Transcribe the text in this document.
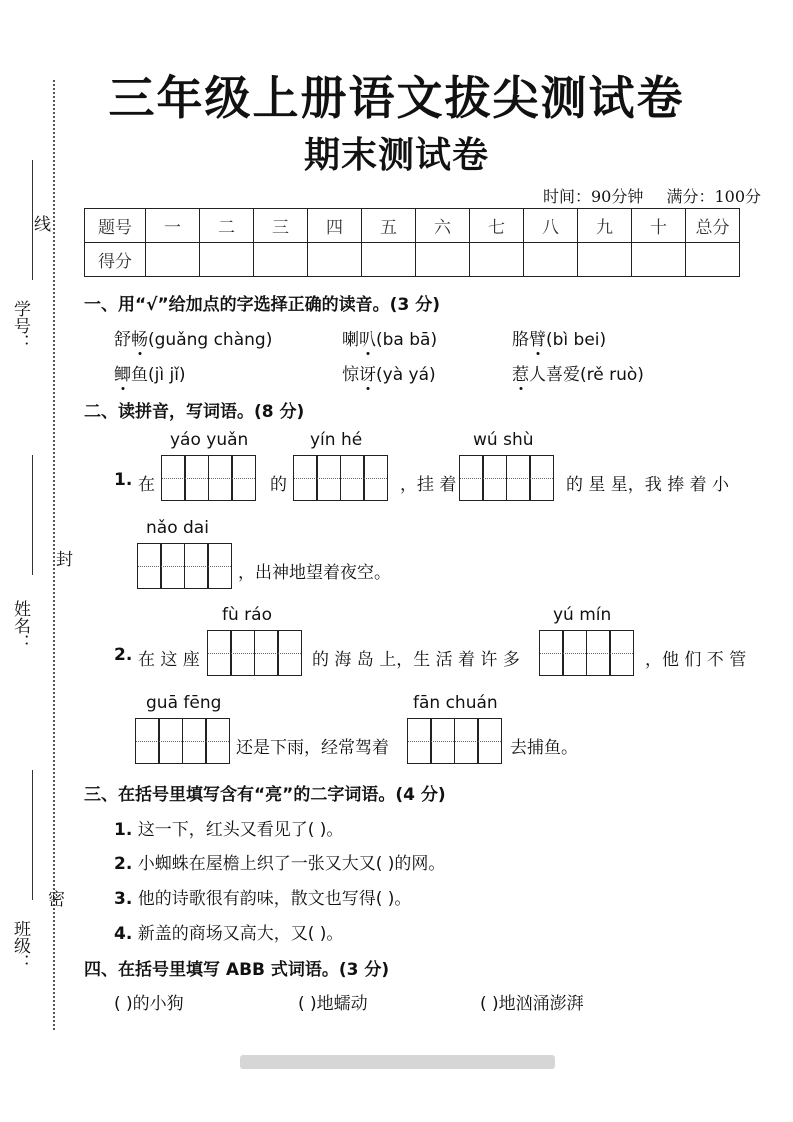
线
封
密
学号：
姓名：
班级：
三年级上册语文拔尖测试卷
期末测试卷
时间：90分钟 满分：100分
题号	一	二	三	四	五	六	七	八	九	十	总分
得分											
一、用“√”给加点的字选择正确的读音。(3 分)
舒畅(guǎng chàng)	喇叭(ba bā)	胳臂(bì bei)
鲫鱼(jì jǐ)	惊讶(yà yá)	惹人喜爱(rě ruò)
二、读拼音，写词语。(8 分)
yáo yuǎn	yín hé	wú shù
1. 在	的	，挂 着	的 星 星，我 捧 着 小
nǎo dai
，出神地望着夜空。
fù ráo	yú mín
2. 在 这 座	的 海 岛 上，生 活 着 许 多	，他 们 不 管
guā fēng	fān chuán
还是下雨，经常驾着	去捕鱼。
三、在括号里填写含有“亮”的二字词语。(4 分)
1. 这一下，红头又看见了( )。
2. 小蜘蛛在屋檐上织了一张又大又( )的网。
3. 他的诗歌很有韵味，散文也写得( )。
4. 新盖的商场又高大，又( )。
四、在括号里填写 ABB 式词语。(3 分)
( )的小狗	( )地蠕动	( )地汹涌澎湃
